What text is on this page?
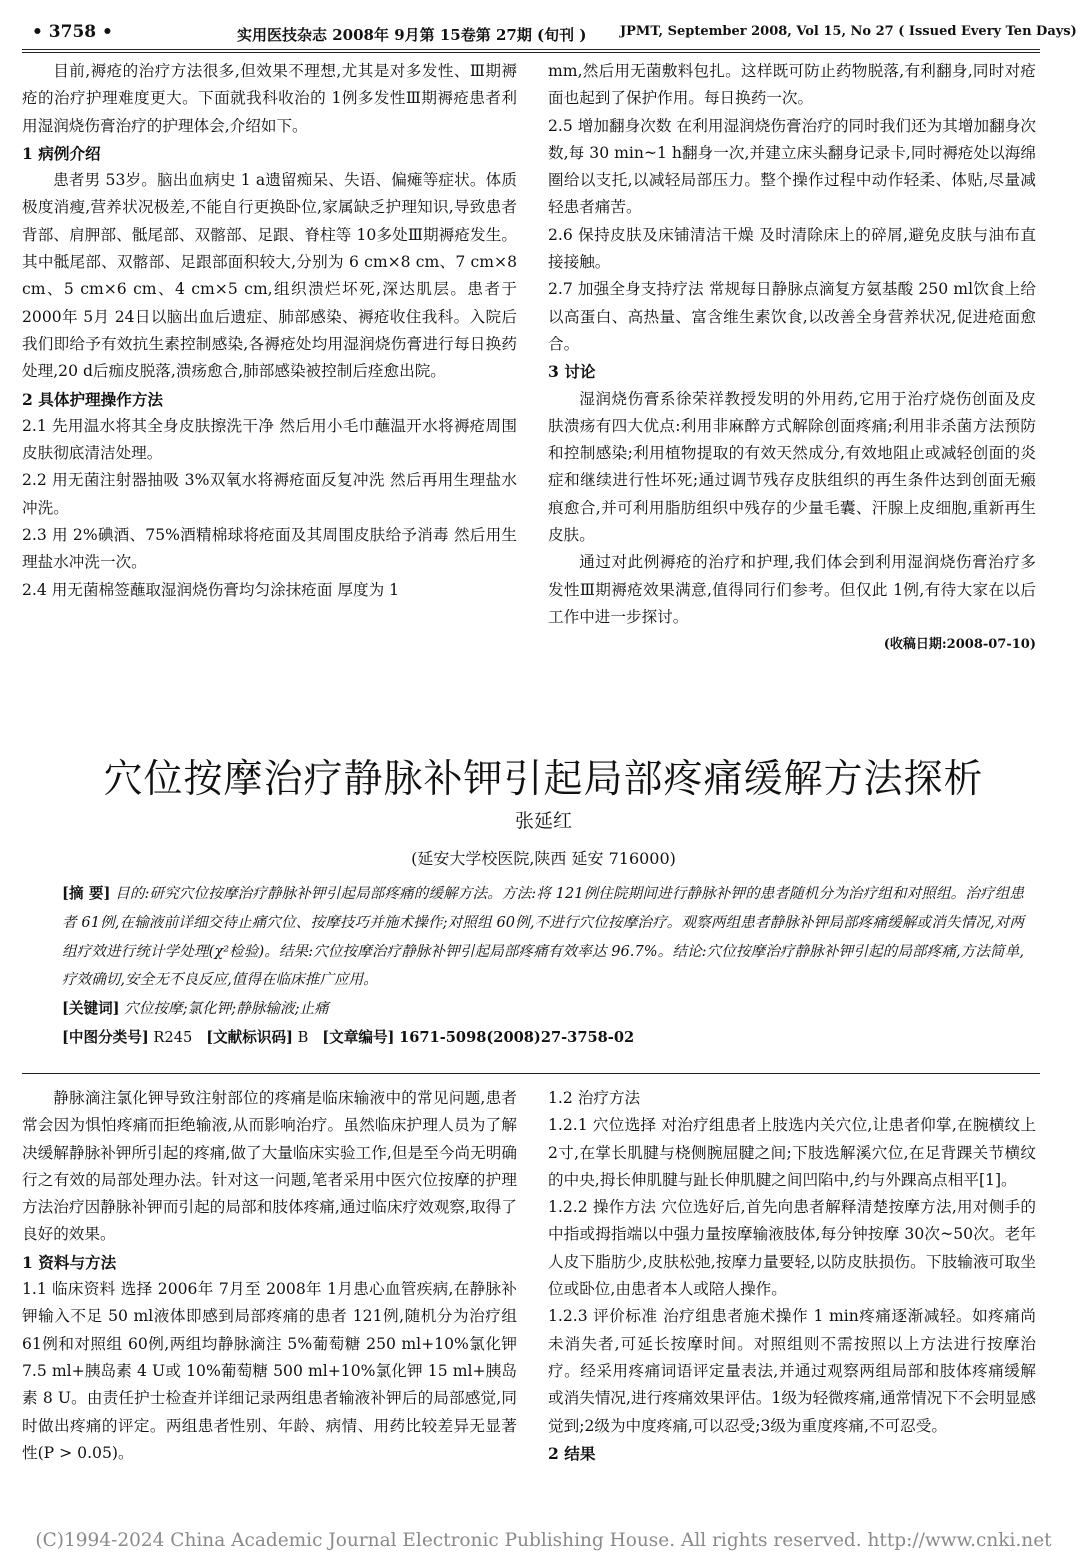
• 3758 •	实用医技杂志 2008年 9月第 15卷第 27期 (旬刊 )	JPMT, September 2008, Vol 15, No 27 ( Issued Every Ten Days)

目前,褥疮的治疗方法很多,但效果不理想,尤其是对多发性、Ⅲ期褥疮的治疗护理难度更大。下面就我科收治的 1例多发性Ⅲ期褥疮患者利用湿润烧伤膏治疗的护理体会,介绍如下。

1 病例介绍

患者男 53岁。脑出血病史 1 a遗留痴呆、失语、偏瘫等症状。体质极度消瘦,营养状况极差,不能自行更换卧位,家属缺乏护理知识,导致患者背部、肩胛部、骶尾部、双髂部、足跟、脊柱等 10多处Ⅲ期褥疮发生。其中骶尾部、双髂部、足跟部面积较大,分别为 6 cm×8 cm、7 cm×8 cm、5 cm×6 cm、4 cm×5 cm,组织溃烂坏死,深达肌层。患者于 2000年 5月 24日以脑出血后遗症、肺部感染、褥疮收住我科。入院后我们即给予有效抗生素控制感染,各褥疮处均用湿润烧伤膏进行每日换药处理,20 d后痂皮脱落,溃疡愈合,肺部感染被控制后痊愈出院。

2 具体护理操作方法

2.1 先用温水将其全身皮肤擦洗干净 然后用小毛巾蘸温开水将褥疮周围皮肤彻底清洁处理。

2.2 用无菌注射器抽吸 3%双氧水将褥疮面反复冲洗 然后再用生理盐水冲洗。

2.3 用 2%碘酒、75%酒精棉球将疮面及其周围皮肤给予消毒 然后用生理盐水冲洗一次。

2.4 用无菌棉签蘸取湿润烧伤膏均匀涂抹疮面 厚度为 1

mm,然后用无菌敷料包扎。这样既可防止药物脱落,有利翻身,同时对疮面也起到了保护作用。每日换药一次。

2.5 增加翻身次数 在利用湿润烧伤膏治疗的同时我们还为其增加翻身次数,每 30 min~1 h翻身一次,并建立床头翻身记录卡,同时褥疮处以海绵圈给以支托,以减轻局部压力。整个操作过程中动作轻柔、体贴,尽量减轻患者痛苦。

2.6 保持皮肤及床铺清洁干燥 及时清除床上的碎屑,避免皮肤与油布直接接触。

2.7 加强全身支持疗法 常规每日静脉点滴复方氨基酸 250 ml饮食上给以高蛋白、高热量、富含维生素饮食,以改善全身营养状况,促进疮面愈合。

3 讨论

湿润烧伤膏系徐荣祥教授发明的外用药,它用于治疗烧伤创面及皮肤溃疡有四大优点:利用非麻醉方式解除创面疼痛;利用非杀菌方法预防和控制感染;利用植物提取的有效天然成分,有效地阻止或减轻创面的炎症和继续进行性坏死;通过调节残存皮肤组织的再生条件达到创面无瘢痕愈合,并可利用脂肪组织中残存的少量毛囊、汗腺上皮细胞,重新再生皮肤。

通过对此例褥疮的治疗和护理,我们体会到利用湿润烧伤膏治疗多发性Ⅲ期褥疮效果满意,值得同行们参考。但仅此 1例,有待大家在以后工作中进一步探讨。

(收稿日期:2008-07-10)

穴位按摩治疗静脉补钾引起局部疼痛缓解方法探析
张延红
(延安大学校医院,陕西 延安 716000)

[摘 要] 目的:研究穴位按摩治疗静脉补钾引起局部疼痛的缓解方法。方法:将 121例住院期间进行静脉补钾的患者随机分为治疗组和对照组。治疗组患者 61例,在输液前详细交待止痛穴位、按摩技巧并施术操作;对照组 60例,不进行穴位按摩治疗。观察两组患者静脉补钾局部疼痛缓解或消失情况,对两组疗效进行统计学处理(χ²检验)。结果:穴位按摩治疗静脉补钾引起局部疼痛有效率达 96.7%。结论:穴位按摩治疗静脉补钾引起的局部疼痛,方法简单,疗效确切,安全无不良反应,值得在临床推广应用。

[关键词] 穴位按摩;氯化钾;静脉输液;止痛

[中图分类号] R245 [文献标识码] B [文章编号] 1671-5098(2008)27-3758-02

静脉滴注氯化钾导致注射部位的疼痛是临床输液中的常见问题,患者常会因为惧怕疼痛而拒绝输液,从而影响治疗。虽然临床护理人员为了解决缓解静脉补钾所引起的疼痛,做了大量临床实验工作,但是至今尚无明确行之有效的局部处理办法。针对这一问题,笔者采用中医穴位按摩的护理方法治疗因静脉补钾而引起的局部和肢体疼痛,通过临床疗效观察,取得了良好的效果。

1 资料与方法

1.1 临床资料 选择 2006年 7月至 2008年 1月患心血管疾病,在静脉补钾输入不足 50 ml液体即感到局部疼痛的患者 121例,随机分为治疗组 61例和对照组 60例,两组均静脉滴注 5%葡萄糖 250 ml+10%氯化钾 7.5 ml+胰岛素 4 U或 10%葡萄糖 500 ml+10%氯化钾 15 ml+胰岛素 8 U。由责任护士检查并详细记录两组患者输液补钾后的局部感觉,同时做出疼痛的评定。两组患者性别、年龄、病情、用药比较差异无显著性(P > 0.05)。

1.2 治疗方法

1.2.1 穴位选择 对治疗组患者上肢选内关穴位,让患者仰掌,在腕横纹上 2寸,在掌长肌腱与桡侧腕屈腱之间;下肢选解溪穴位,在足背踝关节横纹的中央,拇长伸肌腱与趾长伸肌腱之间凹陷中,约与外踝高点相平[1]。

1.2.2 操作方法 穴位选好后,首先向患者解释清楚按摩方法,用对侧手的中指或拇指端以中强力量按摩输液肢体,每分钟按摩 30次~50次。老年人皮下脂肪少,皮肤松弛,按摩力量要轻,以防皮肤损伤。下肢输液可取坐位或卧位,由患者本人或陪人操作。

1.2.3 评价标准 治疗组患者施术操作 1 min疼痛逐渐减轻。如疼痛尚未消失者,可延长按摩时间。对照组则不需按照以上方法进行按摩治疗。经采用疼痛词语评定量表法,并通过观察两组局部和肢体疼痛缓解或消失情况,进行疼痛效果评估。1级为轻微疼痛,通常情况下不会明显感觉到;2级为中度疼痛,可以忍受;3级为重度疼痛,不可忍受。

2 结果

(C)1994-2024 China Academic Journal Electronic Publishing House. All rights reserved. http://www.cnki.net
